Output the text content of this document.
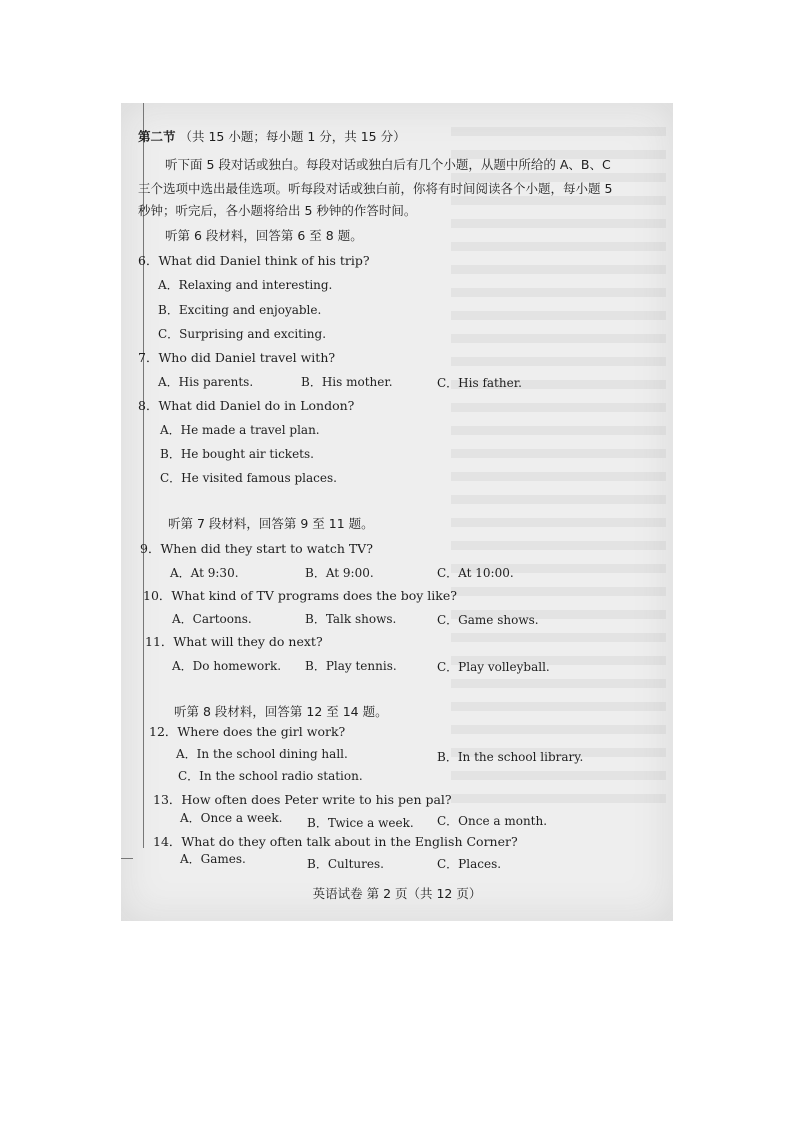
第二节 （共 15 小题；每小题 1 分，共 15 分）
听下面 5 段对话或独白。每段对话或独白后有几个小题，从题中所给的 A、B、C
三个选项中选出最佳选项。听每段对话或独白前，你将有时间阅读各个小题，每小题 5
秒钟；听完后，各小题将给出 5 秒钟的作答时间。
听第 6 段材料，回答第 6 至 8 题。
6．What did Daniel think of his trip?
A．Relaxing and interesting.
B．Exciting and enjoyable.
C．Surprising and exciting.
7．Who did Daniel travel with?
A．His parents.	B．His mother.	C．His father.
8．What did Daniel do in London?
A．He made a travel plan.
B．He bought air tickets.
C．He visited famous places.
听第 7 段材料，回答第 9 至 11 题。
9．When did they start to watch TV?
A．At 9:30.	B．At 9:00.	C．At 10:00.
10．What kind of TV programs does the boy like?
A．Cartoons.	B．Talk shows.	C．Game shows.
11．What will they do next?
A．Do homework. B．Play tennis.	C．Play volleyball.
听第 8 段材料，回答第 12 至 14 题。
12．Where does the girl work?
A．In the school dining hall.	B．In the school library.
C．In the school radio station.
13．How often does Peter write to his pen pal?
A．Once a week. B．Twice a week. C．Once a month.
14．What do they often talk about in the English Corner?
A．Games.	B．Cultures.	C．Places.
英语试卷 第 2 页（共 12 页）
